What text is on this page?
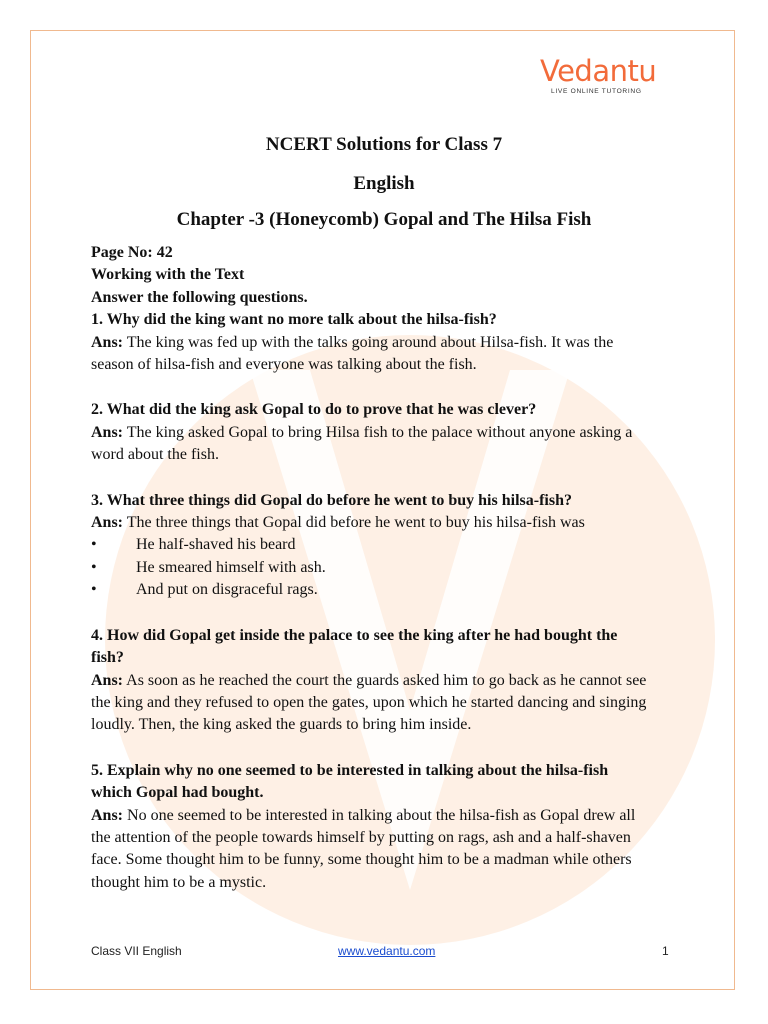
Vedantu
LIVE ONLINE TUTORING
NCERT Solutions for Class 7
English
Chapter -3 (Honeycomb) Gopal and The Hilsa Fish
Page No: 42
Working with the Text
Answer the following questions.
1. Why did the king want no more talk about the hilsa-fish?
Ans: The king was fed up with the talks going around about Hilsa-fish. It was the season of hilsa-fish and everyone was talking about the fish.
2. What did the king ask Gopal to do to prove that he was clever?
Ans: The king asked Gopal to bring Hilsa fish to the palace without anyone asking a word about the fish.
3. What three things did Gopal do before he went to buy his hilsa-fish?
Ans: The three things that Gopal did before he went to buy his hilsa-fish was
• He half-shaved his beard
• He smeared himself with ash.
• And put on disgraceful rags.
4. How did Gopal get inside the palace to see the king after he had bought the fish?
Ans: As soon as he reached the court the guards asked him to go back as he cannot see the king and they refused to open the gates, upon which he started dancing and singing loudly. Then, the king asked the guards to bring him inside.
5. Explain why no one seemed to be interested in talking about the hilsa-fish which Gopal had bought.
Ans: No one seemed to be interested in talking about the hilsa-fish as Gopal drew all the attention of the people towards himself by putting on rags, ash and a half-shaven face. Some thought him to be funny, some thought him to be a madman while others thought him to be a mystic.
Class VII English	www.vedantu.com	1
